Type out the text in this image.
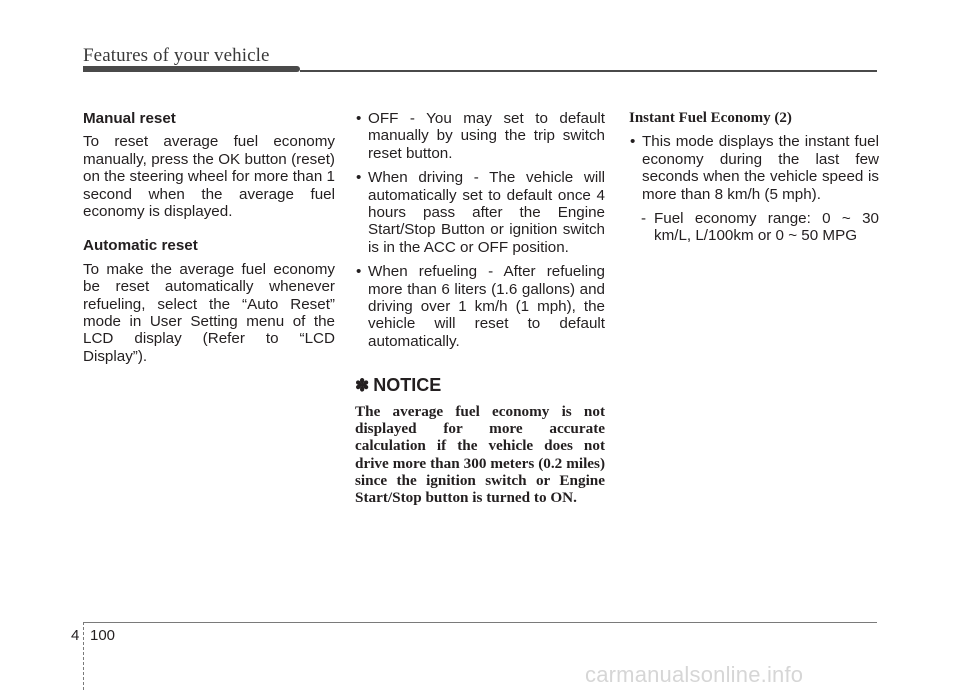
Features of your vehicle

Manual reset

To reset average fuel economy manually, press the OK button (reset) on the steering wheel for more than 1 second when the average fuel economy is displayed.

Automatic reset

To make the average fuel economy be reset automatically whenever refueling, select the “Auto Reset” mode in User Setting menu of the LCD display (Refer to “LCD Display”).

• OFF - You may set to default manually by using the trip switch reset button.
• When driving - The vehicle will automatically set to default once 4 hours pass after the Engine Start/Stop Button or ignition switch is in the ACC or OFF position.
• When refueling - After refueling more than 6 liters (1.6 gallons) and driving over 1 km/h (1 mph), the vehicle will reset to default automatically.
✽ NOTICE

The average fuel economy is not displayed for more accurate calculation if the vehicle does not drive more than 300 meters (0.2 miles) since the ignition switch or Engine Start/Stop button is turned to ON.

Instant Fuel Economy (2)

• This mode displays the instant fuel economy during the last few seconds when the vehicle speed is more than 8 km/h (5 mph).
- Fuel economy range: 0 ~ 30 km/L, L/100km or 0 ~ 50 MPG
4 100
carmanualsonline.info
